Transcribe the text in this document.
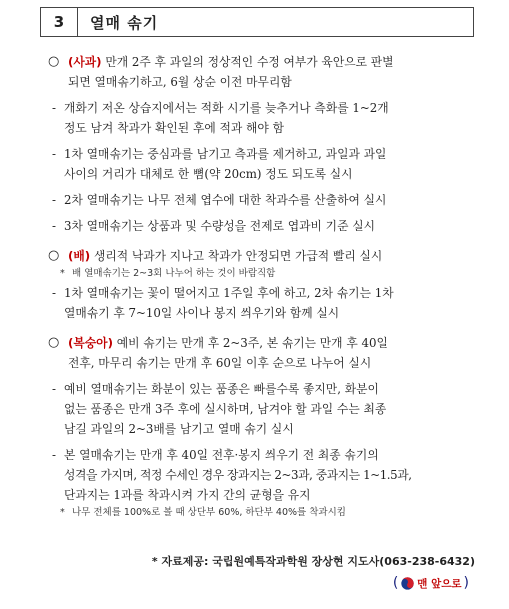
3	열매 솎기
○ (사과) 만개 2주 후 과일의 정상적인 수정 여부가 육안으로 판별
되면 열매솎기하고, 6월 상순 이전 마무리함
- 개화기 저온 상습지에서는 적화 시기를 늦추거나 측화를 1~2개
정도 남겨 착과가 확인된 후에 적과 해야 함
- 1차 열매솎기는 중심과를 남기고 측과를 제거하고, 과일과 과일
사이의 거리가 대체로 한 뼘(약 20cm) 정도 되도록 실시
- 2차 열매솎기는 나무 전체 엽수에 대한 착과수를 산출하여 실시
- 3차 열매솎기는 상품과 및 수량성을 전제로 엽과비 기준 실시
○ (배) 생리적 낙과가 지나고 착과가 안정되면 가급적 빨리 실시
* 배 열매솎기는 2~3회 나누어 하는 것이 바람직함
- 1차 열매솎기는 꽃이 떨어지고 1주일 후에 하고, 2차 솎기는 1차
열매솎기 후 7~10일 사이나 봉지 씌우기와 함께 실시
○ (복숭아) 예비 솎기는 만개 후 2~3주, 본 솎기는 만개 후 40일
전후, 마무리 솎기는 만개 후 60일 이후 순으로 나누어 실시
- 예비 열매솎기는 화분이 있는 품종은 빠를수록 좋지만, 화분이
없는 품종은 만개 3주 후에 실시하며, 남겨야 할 과일 수는 최종
남길 과일의 2~3배를 남기고 열매 솎기 실시
- 본 열매솎기는 만개 후 40일 전후·봉지 씌우기 전 최종 솎기의
성격을 가지며, 적정 수세인 경우 장과지는 2~3과, 중과지는 1~1.5과,
단과지는 1과를 착과시켜 가지 간의 균형을 유지
* 나무 전체를 100%로 볼 때 상단부 60%, 하단부 40%를 착과시킴
* 자료제공: 국립원예특작과학원 장상현 지도사(063-238-6432)
( 맨 앞으로 )
